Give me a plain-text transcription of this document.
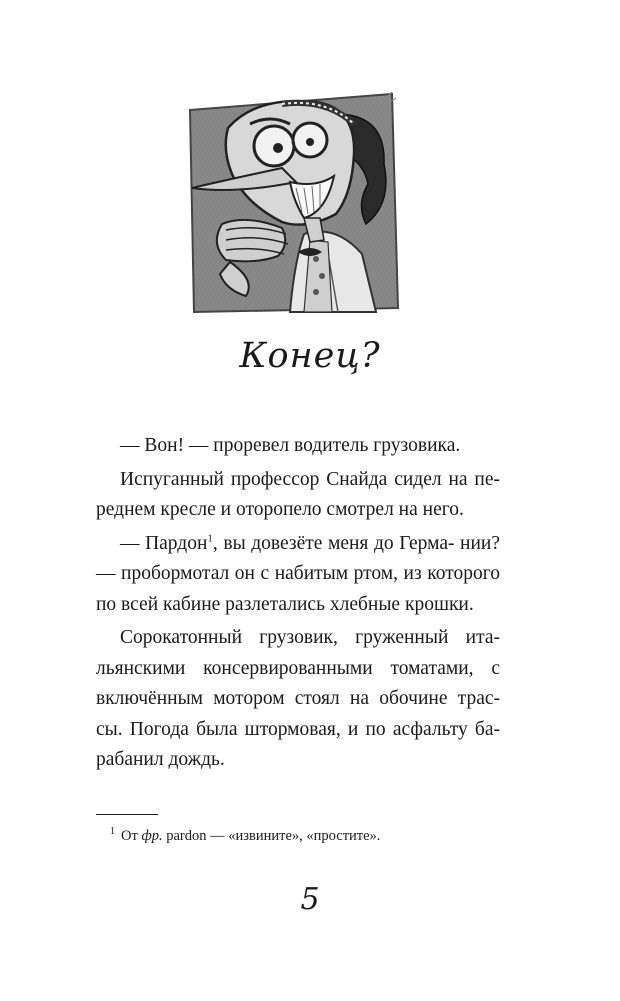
Конец?

— Вон! — проревел водитель грузовика.

Испуганный профессор Снайда сидел на пе- реднем кресле и оторопело смотрел на него.

— Пардон$^1$, вы довезёте меня до Герма- нии? — пробормотал он с набитым ртом, из которого по всей кабине разлетались хлебные крошки.

Сорокатонный грузовик, груженный ита- льянскими консервированными томатами, с включённым мотором стоял на обочине трас- сы. Погода была штормовая, и по асфальту ба- рабанил дождь.

$^1$ От фр. pardon — «извините», «простите».
5
